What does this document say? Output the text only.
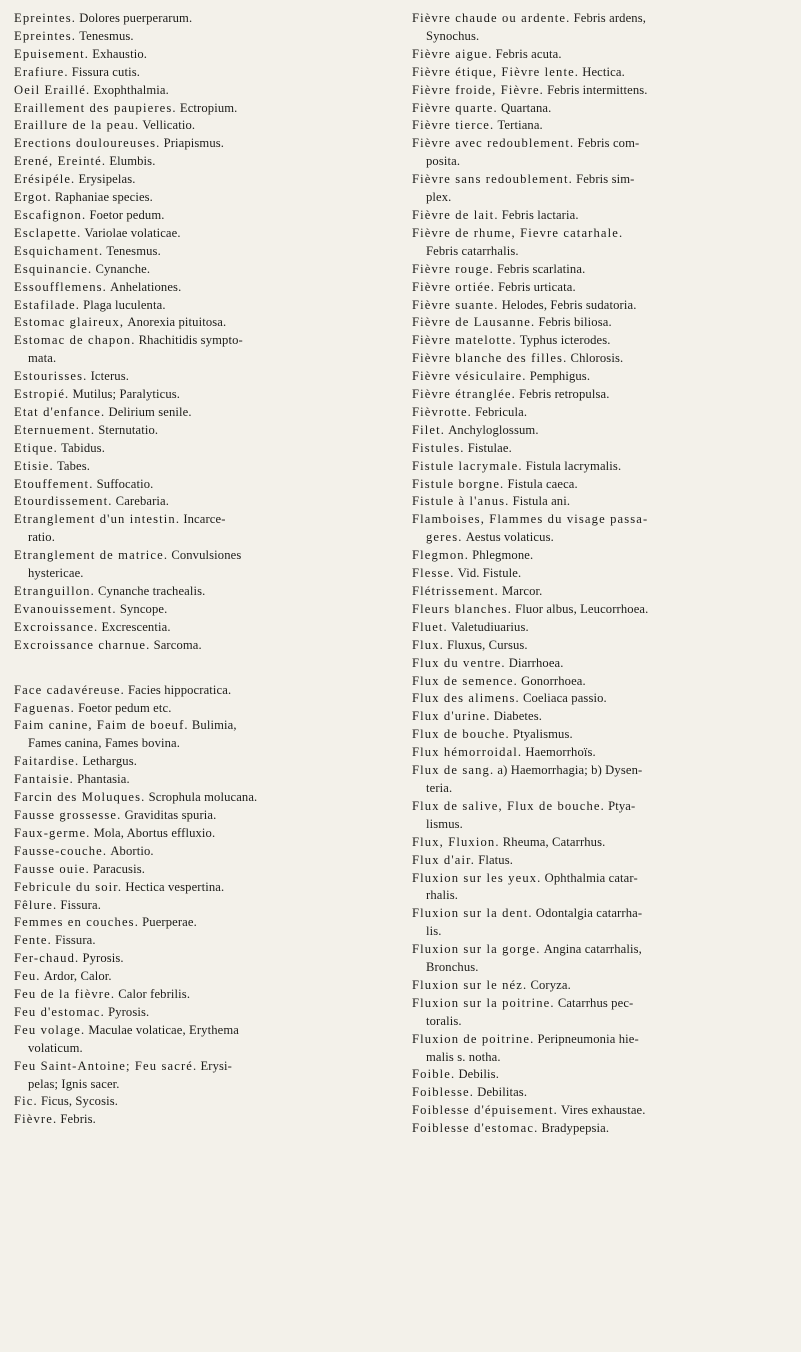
Epreintes. Dolores puerperarum.

Epreintes. Tenesmus.

Epuisement. Exhaustio.

Erafiure. Fissura cutis.

Oeil Eraillé. Exophthalmia.

Eraillement des paupieres. Ectropium.

Eraillure de la peau. Vellicatio.

Erections douloureuses. Priapismus.

Erené, Ereinté. Elumbis.

Erésipéle. Erysipelas.

Ergot. Raphaniae species.

Escafignon. Foetor pedum.

Esclapette. Variolae volaticae.

Esquichament. Tenesmus.

Esquinancie. Cynanche.

Essoufflemens. Anhelationes.

Estafilade. Plaga luculenta.

Estomac glaireux, Anorexia pituitosa.

Estomac de chapon. Rhachitidis sympto-
mata.

Estourisses. Icterus.

Estropié. Mutilus; Paralyticus.

Etat d'enfance. Delirium senile.

Eternuement. Sternutatio.

Etique. Tabidus.

Etisie. Tabes.

Etouffement. Suffocatio.

Etourdissement. Carebaria.

Etranglement d'un intestin. Incarce-
ratio.

Etranglement de matrice. Convulsiones
hystericae.

Etranguillon. Cynanche trachealis.

Evanouissement. Syncope.

Excroissance. Excrescentia.

Excroissance charnue. Sarcoma.

Face cadavéreuse. Facies hippocratica.

Faguenas. Foetor pedum etc.

Faim canine, Faim de boeuf. Bulimia,
Fames canina, Fames bovina.

Faitardise. Lethargus.

Fantaisie. Phantasia.

Farcin des Moluques. Scrophula molucana.

Fausse grossesse. Graviditas spuria.

Faux-germe. Mola, Abortus effluxio.

Fausse-couche. Abortio.

Fausse ouie. Paracusis.

Febricule du soir. Hectica vespertina.

Fêlure. Fissura.

Femmes en couches. Puerperae.

Fente. Fissura.

Fer-chaud. Pyrosis.

Feu. Ardor, Calor.

Feu de la fièvre. Calor febrilis.

Feu d'estomac. Pyrosis.

Feu volage. Maculae volaticae, Erythema
volaticum.

Feu Saint-Antoine; Feu sacré. Erysi-
pelas; Ignis sacer.

Fic. Ficus, Sycosis.

Fièvre. Febris.

Fièvre chaude ou ardente. Febris ardens,
Synochus.

Fièvre aigue. Febris acuta.

Fièvre étique, Fièvre lente. Hectica.

Fièvre froide, Fièvre. Febris intermittens.

Fièvre quarte. Quartana.

Fièvre tierce. Tertiana.

Fièvre avec redoublement. Febris com-
posita.

Fièvre sans redoublement. Febris sim-
plex.

Fièvre de lait. Febris lactaria.

Fièvre de rhume, Fievre catarhale.
Febris catarrhalis.

Fièvre rouge. Febris scarlatina.

Fièvre ortiée. Febris urticata.

Fièvre suante. Helodes, Febris sudatoria.

Fièvre de Lausanne. Febris biliosa.

Fièvre matelotte. Typhus icterodes.

Fièvre blanche des filles. Chlorosis.

Fièvre vésiculaire. Pemphigus.

Fièvre étranglée. Febris retropulsa.

Fièvrotte. Febricula.

Filet. Anchyloglossum.

Fistules. Fistulae.

Fistule lacrymale. Fistula lacrymalis.

Fistule borgne. Fistula caeca.

Fistule à l'anus. Fistula ani.

Flamboises, Flammes du visage passa-
geres. Aestus volaticus.

Flegmon. Phlegmone.

Flesse. Vid. Fistule.

Flétrissement. Marcor.

Fleurs blanches. Fluor albus, Leucorrhoea.

Fluet. Valetudiuarius.

Flux. Fluxus, Cursus.

Flux du ventre. Diarrhoea.

Flux de semence. Gonorrhoea.

Flux des alimens. Coeliaca passio.

Flux d'urine. Diabetes.

Flux de bouche. Ptyalismus.

Flux hémorroidal. Haemorrhoïs.

Flux de sang. a) Haemorrhagia; b) Dysen-
teria.

Flux de salive, Flux de bouche. Ptya-
lismus.

Flux, Fluxion. Rheuma, Catarrhus.

Flux d'air. Flatus.

Fluxion sur les yeux. Ophthalmia catar-
rhalis.

Fluxion sur la dent. Odontalgia catarrha-
lis.

Fluxion sur la gorge. Angina catarrhalis,
Bronchus.

Fluxion sur le néz. Coryza.

Fluxion sur la poitrine. Catarrhus pec-
toralis.

Fluxion de poitrine. Peripneumonia hie-
malis s. notha.

Foible. Debilis.

Foiblesse. Debilitas.

Foiblesse d'épuisement. Vires exhaustae.

Foiblesse d'estomac. Bradypepsia.
